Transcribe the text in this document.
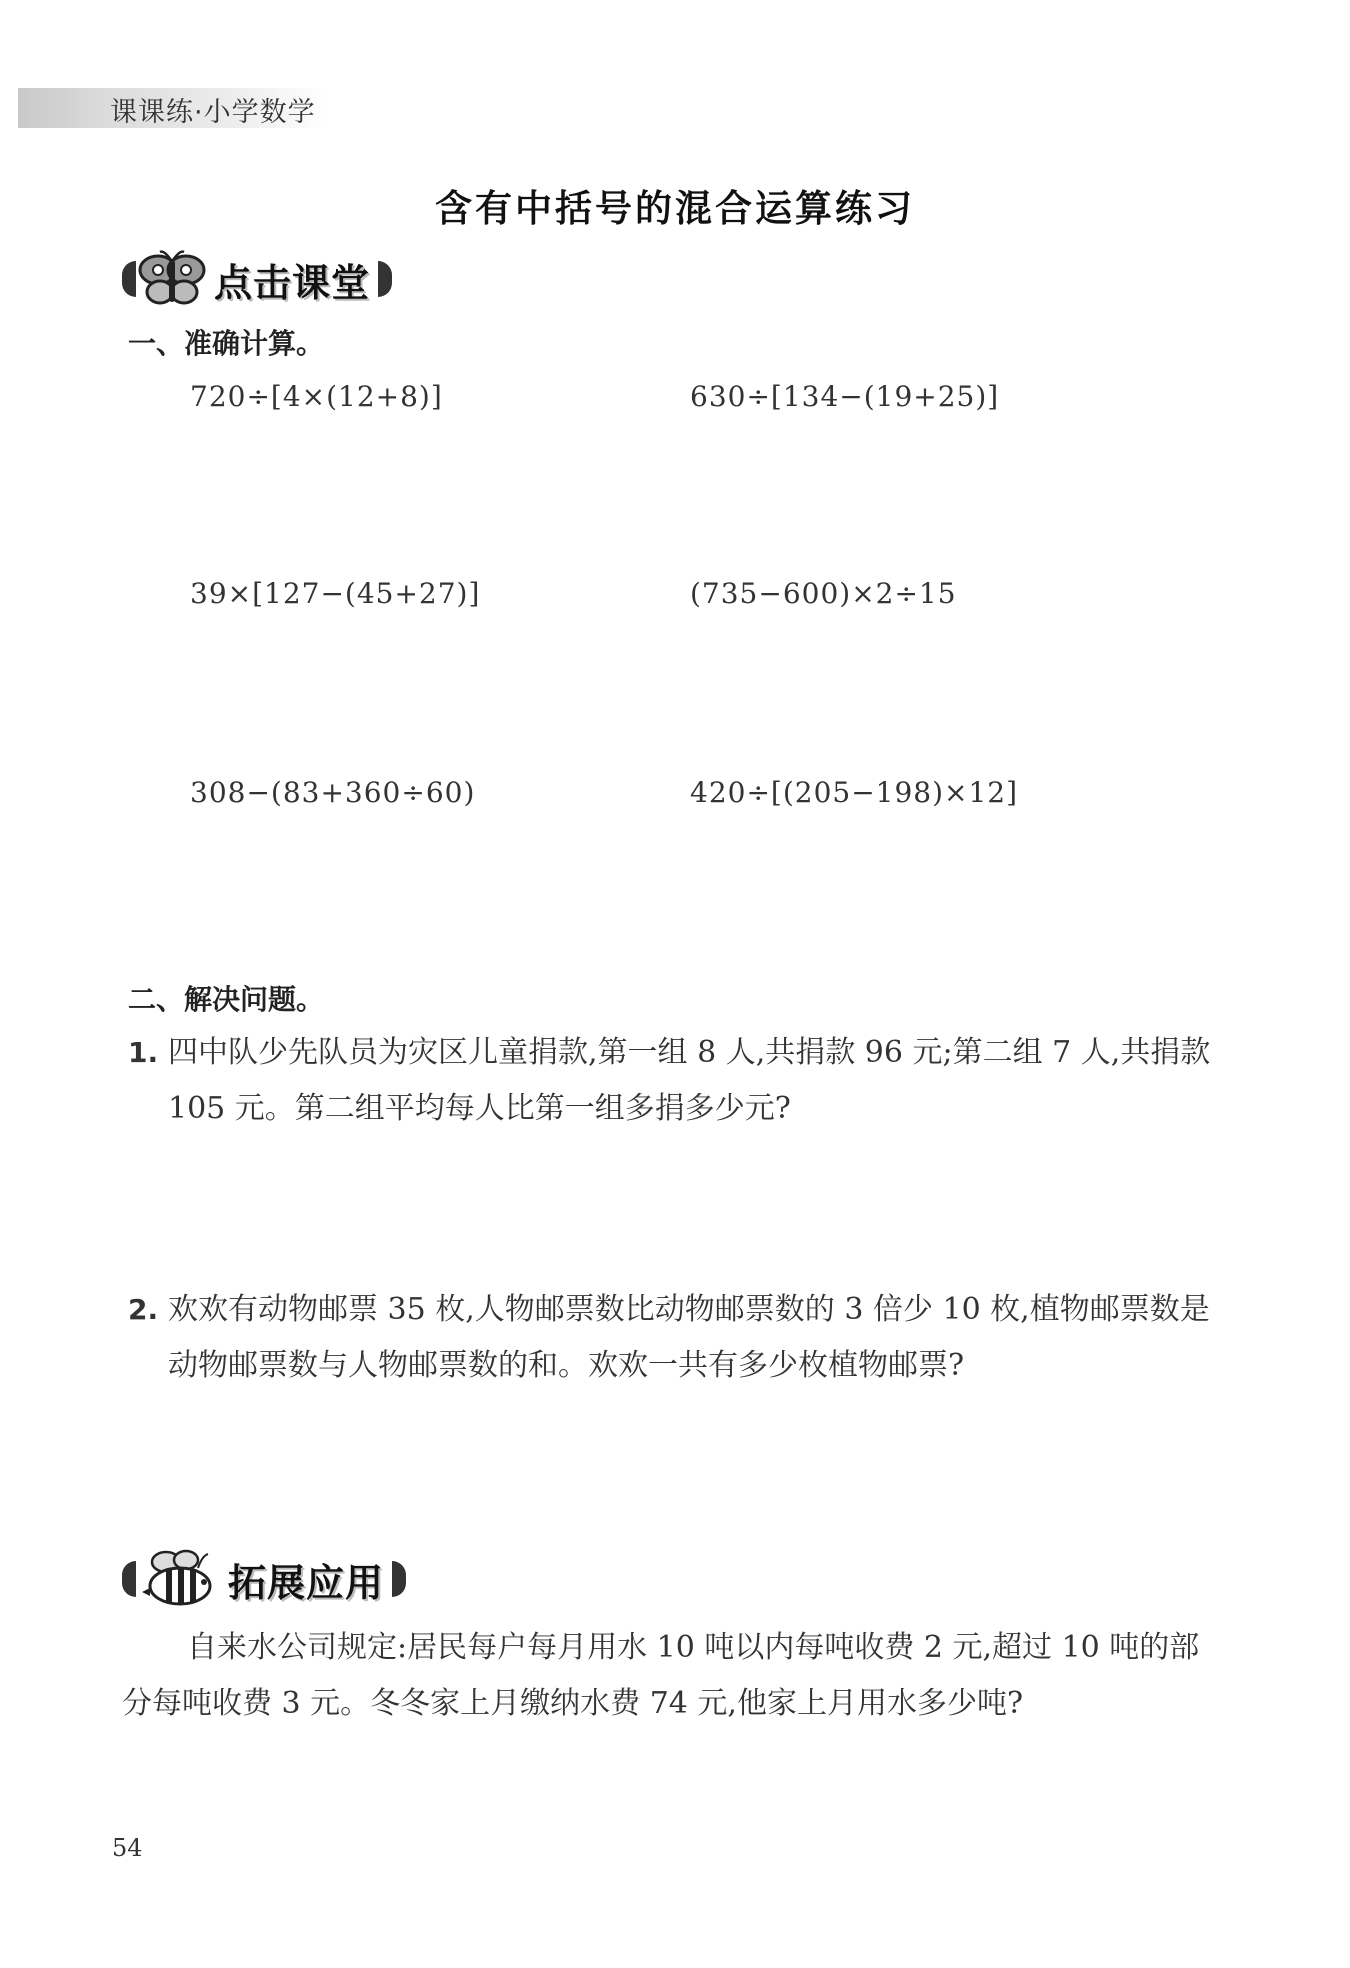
课课练·小学数学
含有中括号的混合运算练习
点击课堂
一、准确计算。
720÷[4×(12+8)]	630÷[134−(19+25)]
39×[127−(45+27)]	(735−600)×2÷15
308−(83+360÷60)	420÷[(205−198)×12]
二、解决问题。
1. 四中队少先队员为灾区儿童捐款,第一组 8 人,共捐款 96 元;第二组 7 人,共捐款 105 元。第二组平均每人比第一组多捐多少元?
2. 欢欢有动物邮票 35 枚,人物邮票数比动物邮票数的 3 倍少 10 枚,植物邮票数是动物邮票数与人物邮票数的和。欢欢一共有多少枚植物邮票?
拓展应用
自来水公司规定:居民每户每月用水 10 吨以内每吨收费 2 元,超过 10 吨的部分每吨收费 3 元。冬冬家上月缴纳水费 74 元,他家上月用水多少吨?
54
